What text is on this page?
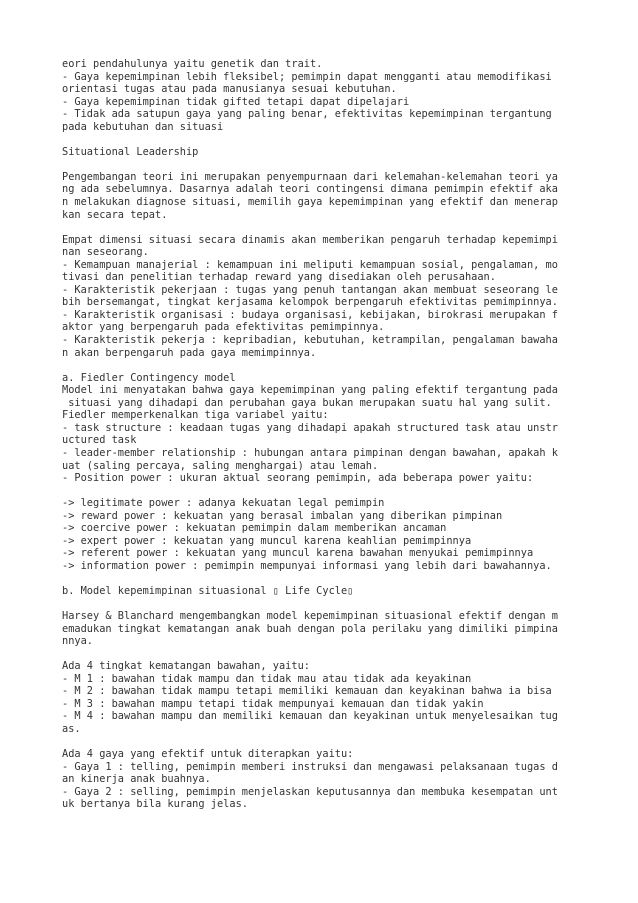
eori pendahulunya yaitu genetik dan trait.
- Gaya kepemimpinan lebih fleksibel; pemimpin dapat mengganti atau memodifikasi
orientasi tugas atau pada manusianya sesuai kebutuhan.
- Gaya kepemimpinan tidak gifted tetapi dapat dipelajari
- Tidak ada satupun gaya yang paling benar, efektivitas kepemimpinan tergantung
pada kebutuhan dan situasi
Situational Leadership
Pengembangan teori ini merupakan penyempurnaan dari kelemahan-kelemahan teori ya
ng ada sebelumnya. Dasarnya adalah teori contingensi dimana pemimpin efektif aka
n melakukan diagnose situasi, memilih gaya kepemimpinan yang efektif dan menerap
kan secara tepat.
Empat dimensi situasi secara dinamis akan memberikan pengaruh terhadap kepemimpi
nan seseorang.
- Kemampuan manajerial : kemampuan ini meliputi kemampuan sosial, pengalaman, mo
tivasi dan penelitian terhadap reward yang disediakan oleh perusahaan.
- Karakteristik pekerjaan : tugas yang penuh tantangan akan membuat seseorang le
bih bersemangat, tingkat kerjasama kelompok berpengaruh efektivitas pemimpinnya.
- Karakteristik organisasi : budaya organisasi, kebijakan, birokrasi merupakan f
aktor yang berpengaruh pada efektivitas pemimpinnya.
- Karakteristik pekerja : kepribadian, kebutuhan, ketrampilan, pengalaman bawaha
n akan berpengaruh pada gaya memimpinnya.
a. Fiedler Contingency model
Model ini menyatakan bahwa gaya kepemimpinan yang paling efektif tergantung pada
situasi yang dihadapi dan perubahan gaya bukan merupakan suatu hal yang sulit.
Fiedler memperkenalkan tiga variabel yaitu:
- task structure : keadaan tugas yang dihadapi apakah structured task atau unstr
uctured task
- leader-member relationship : hubungan antara pimpinan dengan bawahan, apakah k
uat (saling percaya, saling menghargai) atau lemah.
- Position power : ukuran aktual seorang pemimpin, ada beberapa power yaitu:
-> legitimate power : adanya kekuatan legal pemimpin
-> reward power : kekuatan yang berasal imbalan yang diberikan pimpinan
-> coercive power : kekuatan pemimpin dalam memberikan ancaman
-> expert power : kekuatan yang muncul karena keahlian pemimpinnya
-> referent power : kekuatan yang muncul karena bawahan menyukai pemimpinnya
-> information power : pemimpin mempunyai informasi yang lebih dari bawahannya.
b. Model kepemimpinan situasional ▯ Life Cycle▯
Harsey & Blanchard mengembangkan model kepemimpinan situasional efektif dengan m
emadukan tingkat kematangan anak buah dengan pola perilaku yang dimiliki pimpina
nnya.
Ada 4 tingkat kematangan bawahan, yaitu:
- M 1 : bawahan tidak mampu dan tidak mau atau tidak ada keyakinan
- M 2 : bawahan tidak mampu tetapi memiliki kemauan dan keyakinan bahwa ia bisa
- M 3 : bawahan mampu tetapi tidak mempunyai kemauan dan tidak yakin
- M 4 : bawahan mampu dan memiliki kemauan dan keyakinan untuk menyelesaikan tug
as.
Ada 4 gaya yang efektif untuk diterapkan yaitu:
- Gaya 1 : telling, pemimpin memberi instruksi dan mengawasi pelaksanaan tugas d
an kinerja anak buahnya.
- Gaya 2 : selling, pemimpin menjelaskan keputusannya dan membuka kesempatan unt
uk bertanya bila kurang jelas.
